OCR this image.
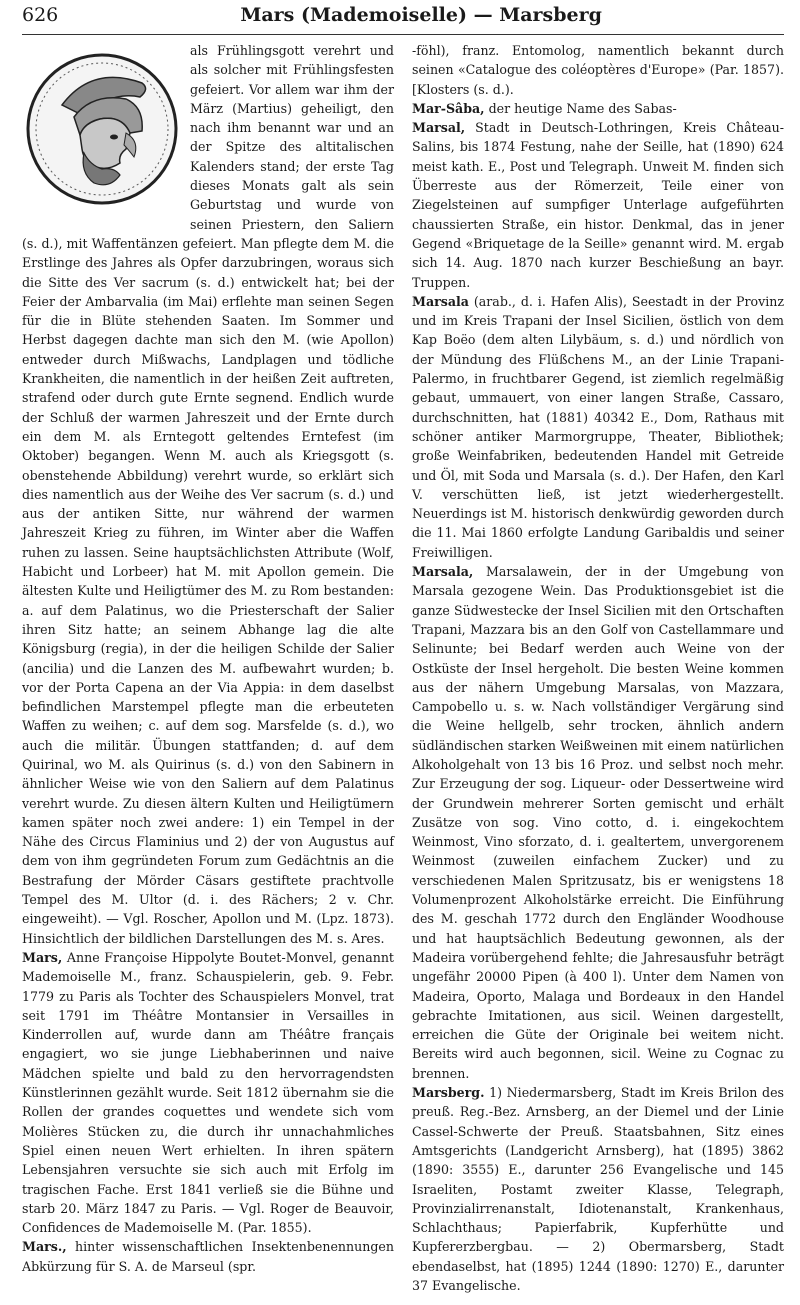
626	Mars (Mademoiselle) — Marsberg

als Frühlingsgott verehrt und als solcher mit Frühlingsfesten gefeiert. Vor allem war ihm der März (Martius) geheiligt, den nach ihm benannt war und an der Spitze des altitalischen Kalenders stand; der erste Tag dieses Monats galt als sein Geburtstag und wurde von seinen Priestern, den Saliern (s. d.), mit Waffentänzen gefeiert. Man pflegte dem M. die Erstlinge des Jahres als Opfer darzubringen, woraus sich die Sitte des Ver sacrum (s. d.) entwickelt hat; bei der Feier der Ambarvalia (im Mai) erflehte man seinen Segen für die in Blüte stehenden Saaten. Im Sommer und Herbst dagegen dachte man sich den M. (wie Apollon) entweder durch Mißwachs, Landplagen und tödliche Krankheiten, die namentlich in der heißen Zeit auftreten, strafend oder durch gute Ernte segnend. Endlich wurde der Schluß der warmen Jahreszeit und der Ernte durch ein dem M. als Erntegott geltendes Erntefest (im Oktober) begangen. Wenn M. auch als Kriegsgott (s. obenstehende Abbildung) verehrt wurde, so erklärt sich dies namentlich aus der Weihe des Ver sacrum (s. d.) und aus der antiken Sitte, nur während der warmen Jahreszeit Krieg zu führen, im Winter aber die Waffen ruhen zu lassen. Seine hauptsächlichsten Attribute (Wolf, Habicht und Lorbeer) hat M. mit Apollon gemein. Die ältesten Kulte und Heiligtümer des M. zu Rom bestanden: a. auf dem Palatinus, wo die Priesterschaft der Salier ihren Sitz hatte; an seinem Abhange lag die alte Königsburg (regia), in der die heiligen Schilde der Salier (ancilia) und die Lanzen des M. aufbewahrt wurden; b. vor der Porta Capena an der Via Appia: in dem daselbst befindlichen Marstempel pflegte man die erbeuteten Waffen zu weihen; c. auf dem sog. Marsfelde (s. d.), wo auch die militär. Übungen stattfanden; d. auf dem Quirinal, wo M. als Quirinus (s. d.) von den Sabinern in ähnlicher Weise wie von den Saliern auf dem Palatinus verehrt wurde. Zu diesen ältern Kulten und Heiligtümern kamen später noch zwei andere: 1) ein Tempel in der Nähe des Circus Flaminius und 2) der von Augustus auf dem von ihm gegründeten Forum zum Gedächtnis an die Bestrafung der Mörder Cäsars gestiftete prachtvolle Tempel des M. Ultor (d. i. des Rächers; 2 v. Chr. eingeweiht). — Vgl. Roscher, Apollon und M. (Lpz. 1873). Hinsichtlich der bildlichen Darstellungen des M. s. Ares.

Mars, Anne Françoise Hippolyte Boutet-Monvel, genannt Mademoiselle M., franz. Schauspielerin, geb. 9. Febr. 1779 zu Paris als Tochter des Schauspielers Monvel, trat seit 1791 im Théâtre Montansier in Versailles in Kinderrollen auf, wurde dann am Théâtre français engagiert, wo sie junge Liebhaberinnen und naive Mädchen spielte und bald zu den hervorragendsten Künstlerinnen gezählt wurde. Seit 1812 übernahm sie die Rollen der grandes coquettes und wendete sich vom Molières Stücken zu, die durch ihr unnachahmliches Spiel einen neuen Wert erhielten. In ihren spätern Lebensjahren versuchte sie sich auch mit Erfolg im tragischen Fache. Erst 1841 verließ sie die Bühne und starb 20. März 1847 zu Paris. — Vgl. Roger de Beauvoir, Confidences de Mademoiselle M. (Par. 1855).

Mars., hinter wissenschaftlichen Insektenbenennungen Abkürzung für S. A. de Marseul (spr.

-föhl), franz. Entomolog, namentlich bekannt durch seinen «Catalogue des coléoptères d'Europe» (Par. 1857). [Klosters (s. d.).

Mar-Sâba, der heutige Name des Sabas-

Marsal, Stadt in Deutsch-Lothringen, Kreis Château-Salins, bis 1874 Festung, nahe der Seille, hat (1890) 624 meist kath. E., Post und Telegraph. Unweit M. finden sich Überreste aus der Römerzeit, Teile einer von Ziegelsteinen auf sumpfiger Unterlage aufgeführten chaussierten Straße, ein histor. Denkmal, das in jener Gegend «Briquetage de la Seille» genannt wird. M. ergab sich 14. Aug. 1870 nach kurzer Beschießung an bayr. Truppen.

Marsala (arab., d. i. Hafen Alis), Seestadt in der Provinz und im Kreis Trapani der Insel Sicilien, östlich von dem Kap Boëo (dem alten Lilybäum, s. d.) und nördlich von der Mündung des Flüßchens M., an der Linie Trapani-Palermo, in fruchtbarer Gegend, ist ziemlich regelmäßig gebaut, ummauert, von einer langen Straße, Cassaro, durchschnitten, hat (1881) 40342 E., Dom, Rathaus mit schöner antiker Marmorgruppe, Theater, Bibliothek; große Weinfabriken, bedeutenden Handel mit Getreide und Öl, mit Soda und Marsala (s. d.). Der Hafen, den Karl V. verschütten ließ, ist jetzt wiederhergestellt. Neuerdings ist M. historisch denkwürdig geworden durch die 11. Mai 1860 erfolgte Landung Garibaldis und seiner Freiwilligen.

Marsala, Marsalawein, der in der Umgebung von Marsala gezogene Wein. Das Produktionsgebiet ist die ganze Südwestecke der Insel Sicilien mit den Ortschaften Trapani, Mazzara bis an den Golf von Castellammare und Selinunte; bei Bedarf werden auch Weine von der Ostküste der Insel hergeholt. Die besten Weine kommen aus der nähern Umgebung Marsalas, von Mazzara, Campobello u. s. w. Nach vollständiger Vergärung sind die Weine hellgelb, sehr trocken, ähnlich andern südländischen starken Weißweinen mit einem natürlichen Alkoholgehalt von 13 bis 16 Proz. und selbst noch mehr. Zur Erzeugung der sog. Liqueur- oder Dessertweine wird der Grundwein mehrerer Sorten gemischt und erhält Zusätze von sog. Vino cotto, d. i. eingekochtem Weinmost, Vino sforzato, d. i. gealtertem, unvergorenem Weinmost (zuweilen einfachem Zucker) und zu verschiedenen Malen Spritzusatz, bis er wenigstens 18 Volumenprozent Alkoholstärke erreicht. Die Einführung des M. geschah 1772 durch den Engländer Woodhouse und hat hauptsächlich Bedeutung gewonnen, als der Madeira vorübergehend fehlte; die Jahresausfuhr beträgt ungefähr 20000 Pipen (à 400 l). Unter dem Namen von Madeira, Oporto, Malaga und Bordeaux in den Handel gebrachte Imitationen, aus sicil. Weinen dargestellt, erreichen die Güte der Originale bei weitem nicht. Bereits wird auch begonnen, sicil. Weine zu Cognac zu brennen.

Marsberg. 1) Niedermarsberg, Stadt im Kreis Brilon des preuß. Reg.-Bez. Arnsberg, an der Diemel und der Linie Cassel-Schwerte der Preuß. Staatsbahnen, Sitz eines Amtsgerichts (Landgericht Arnsberg), hat (1895) 3862 (1890: 3555) E., darunter 256 Evangelische und 145 Israeliten, Postamt zweiter Klasse, Telegraph, Provinzialirrenanstalt, Idiotenanstalt, Krankenhaus, Schlachthaus; Papierfabrik, Kupferhütte und Kupfererzbergbau. — 2) Obermarsberg, Stadt ebendaselbst, hat (1895) 1244 (1890: 1270) E., darunter 37 Evangelische.
